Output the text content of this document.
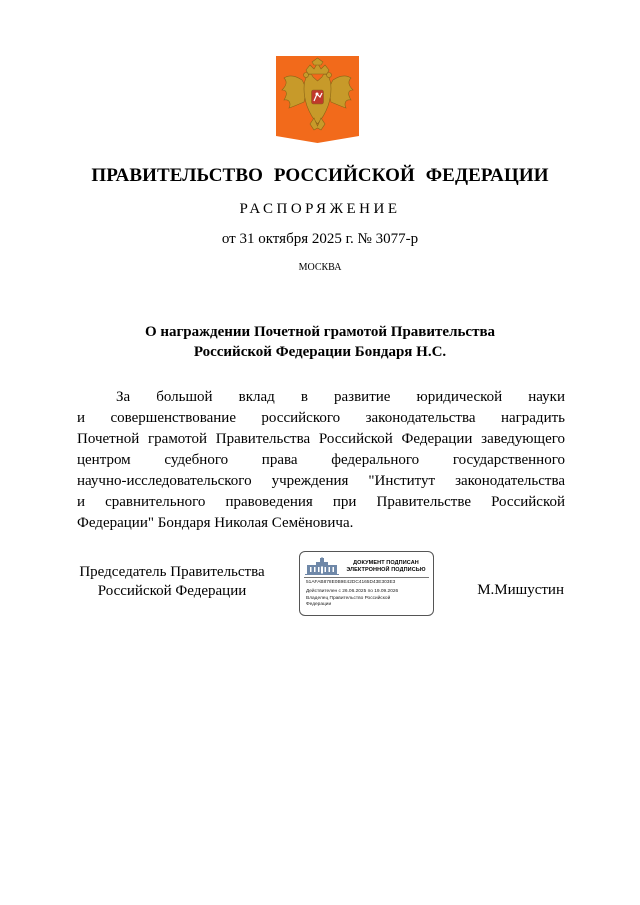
ПРАВИТЕЛЬСТВО РОССИЙСКОЙ ФЕДЕРАЦИИ
РАСПОРЯЖЕНИЕ
от 31 октября 2025 г. № 3077-р
МОСКВА
О награждении Почетной грамотой Правительства
Российской Федерации Бондаря Н.С.
За большой вклад в развитие юридической науки
и совершенствование российского законодательства наградить
Почетной грамотой Правительства Российской Федерации заведующего
центром судебного права федерального государственного
научно-исследовательского учреждения "Институт законодательства
и сравнительного правоведения при Правительстве Российской
Федерации" Бондаря Николая Семёновича.
Председатель Правительства
Российской Федерации
ДОКУМЕНТ ПОДПИСАН
ЭЛЕКТРОННОЙ ПОДПИСЬЮ
51AFAB878E0B9E42DC4165D43E303E3
Действителен с 26.06.2025 по 19.09.2026
Владелец Правительство Российской
Федерации
М.Мишустин
